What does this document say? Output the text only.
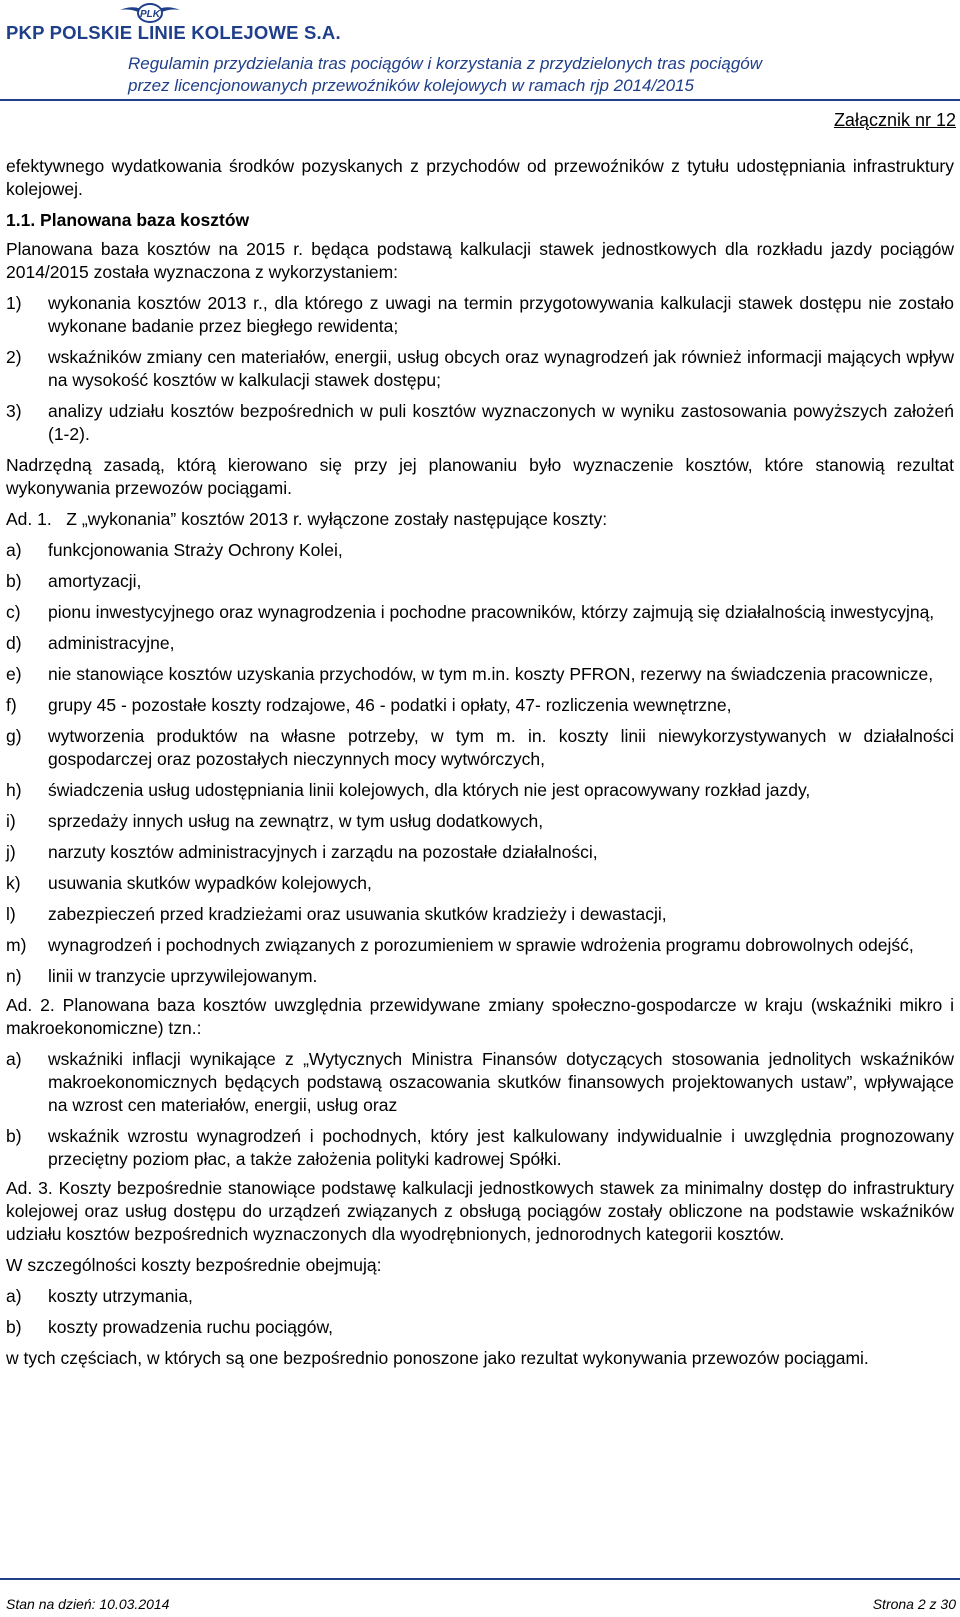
PLK
PKP POLSKIE LINIE KOLEJOWE S.A.
Regulamin przydzielania tras pociągów i korzystania z przydzielonych tras pociągów
przez licencjonowanych przewoźników kolejowych w ramach rjp 2014/2015
Załącznik nr 12

efektywnego wydatkowania środków pozyskanych z przychodów od przewoźników z tytułu udostępniania infrastruktury kolejowej.

1.1. Planowana baza kosztów

Planowana baza kosztów na 2015 r. będąca podstawą kalkulacji stawek jednostkowych dla rozkładu jazdy pociągów 2014/2015 została wyznaczona z wykorzystaniem:

1)	wykonania kosztów 2013 r., dla którego z uwagi na termin przygotowywania kalkulacji stawek dostępu nie zostało wykonane badanie przez biegłego rewidenta;
2)	wskaźników zmiany cen materiałów, energii, usług obcych oraz wynagrodzeń jak również informacji mających wpływ na wysokość kosztów w kalkulacji stawek dostępu;
3)	analizy udziału kosztów bezpośrednich w puli kosztów wyznaczonych w wyniku zastosowania powyższych założeń (1-2).

Nadrzędną zasadą, którą kierowano się przy jej planowaniu było wyznaczenie kosztów, które stanowią rezultat wykonywania przewozów pociągami.

Ad. 1.   Z „wykonania” kosztów 2013 r. wyłączone zostały następujące koszty:

a)	funkcjonowania Straży Ochrony Kolei,
b)	amortyzacji,
c)	pionu inwestycyjnego oraz wynagrodzenia i pochodne pracowników, którzy zajmują się działalnością inwestycyjną,
d)	administracyjne,
e)	nie stanowiące kosztów uzyskania przychodów, w tym m.in. koszty PFRON, rezerwy na świadczenia pracownicze,
f)	grupy 45 - pozostałe koszty rodzajowe, 46 - podatki i opłaty, 47- rozliczenia wewnętrzne,
g)	wytworzenia produktów na własne potrzeby, w tym m. in. koszty linii niewykorzystywanych w działalności gospodarczej oraz pozostałych nieczynnych mocy wytwórczych,
h)	świadczenia usług udostępniania linii kolejowych, dla których nie jest opracowywany rozkład jazdy,
i)	sprzedaży innych usług na zewnątrz, w tym usług dodatkowych,
j)	narzuty kosztów administracyjnych i zarządu na pozostałe działalności,
k)	usuwania skutków wypadków kolejowych,
l)	zabezpieczeń przed kradzieżami oraz usuwania skutków kradzieży i dewastacji,
m)	wynagrodzeń i pochodnych związanych z porozumieniem w sprawie wdrożenia programu dobrowolnych odejść,
n)	linii w tranzycie uprzywilejowanym.

Ad. 2. Planowana baza kosztów uwzględnia przewidywane zmiany społeczno-gospodarcze w kraju (wskaźniki mikro i makroekonomiczne) tzn.:

a)	wskaźniki inflacji wynikające z „Wytycznych Ministra Finansów dotyczących stosowania jednolitych wskaźników makroekonomicznych będących podstawą oszacowania skutków finansowych projektowanych ustaw”, wpływające na wzrost cen materiałów, energii, usług oraz
b)	wskaźnik wzrostu wynagrodzeń i pochodnych, który jest kalkulowany indywidualnie i uwzględnia prognozowany przeciętny poziom płac, a także założenia polityki kadrowej Spółki.

Ad. 3. Koszty bezpośrednie stanowiące podstawę kalkulacji jednostkowych stawek za minimalny dostęp do infrastruktury kolejowej oraz usług dostępu do urządzeń związanych z obsługą pociągów zostały obliczone na podstawie wskaźników udziału kosztów bezpośrednich wyznaczonych dla wyodrębnionych, jednorodnych kategorii kosztów.

W szczególności koszty bezpośrednie obejmują:

a)	koszty utrzymania,
b)	koszty prowadzenia ruchu pociągów,

w tych częściach, w których są one bezpośrednio ponoszone jako rezultat wykonywania przewozów pociągami.

Stan na dzień: 10.03.2014	Strona 2 z 30
